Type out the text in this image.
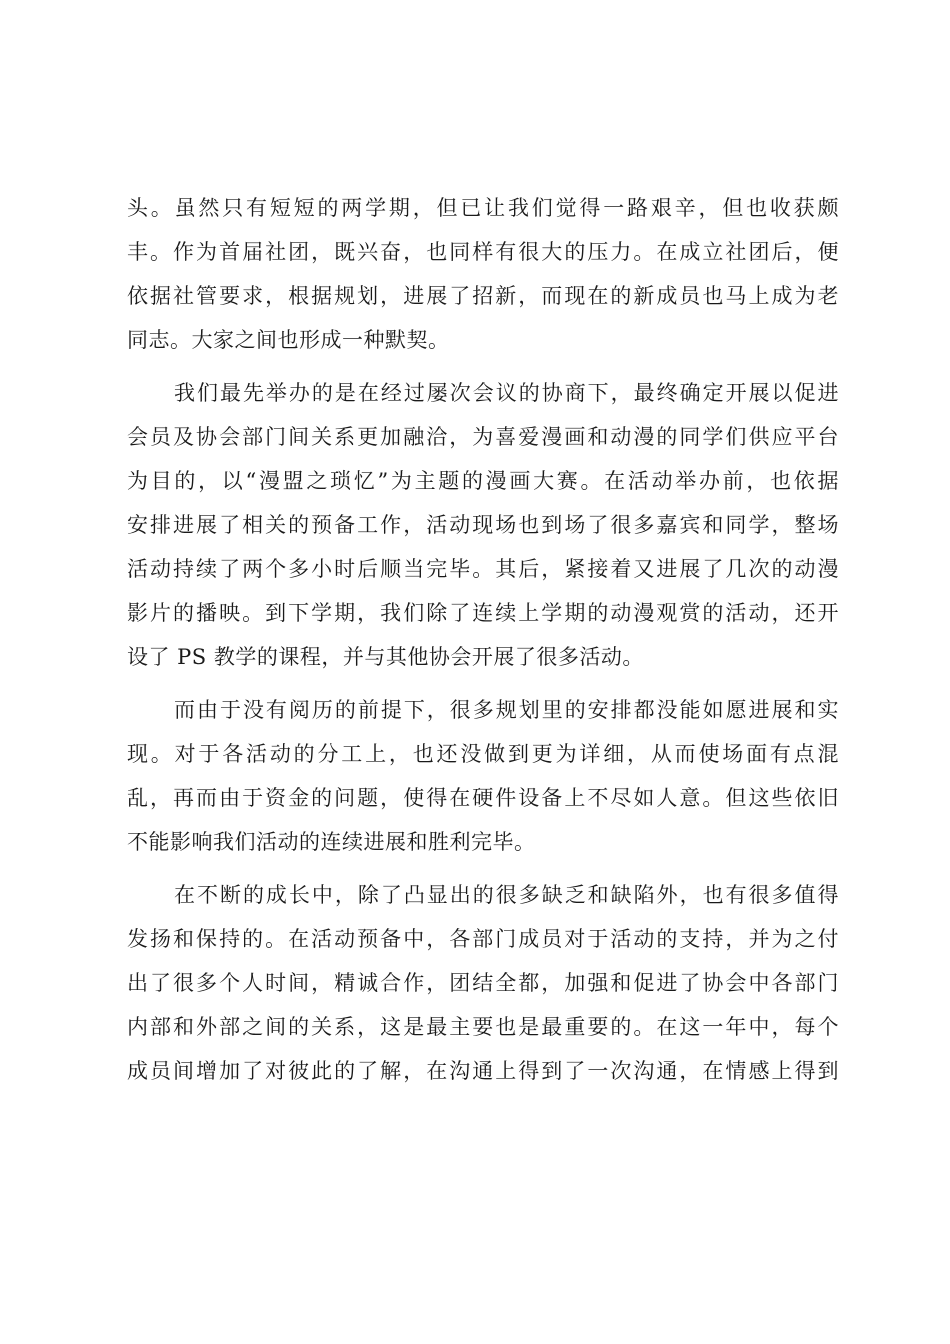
头。虽然只有短短的两学期，但已让我们觉得一路艰辛，但也收获颇
丰。作为首届社团，既兴奋，也同样有很大的压力。在成立社团后，便
依据社管要求，根据规划，进展了招新，而现在的新成员也马上成为老
同志。大家之间也形成一种默契。
我们最先举办的是在经过屡次会议的协商下，最终确定开展以促进
会员及协会部门间关系更加融洽，为喜爱漫画和动漫的同学们供应平台
为目的，以“漫盟之琐忆”为主题的漫画大赛。在活动举办前，也依据
安排进展了相关的预备工作，活动现场也到场了很多嘉宾和同学，整场
活动持续了两个多小时后顺当完毕。其后，紧接着又进展了几次的动漫
影片的播映。到下学期，我们除了连续上学期的动漫观赏的活动，还开
设了 PS 教学的课程，并与其他协会开展了很多活动。
而由于没有阅历的前提下，很多规划里的安排都没能如愿进展和实
现。对于各活动的分工上，也还没做到更为详细，从而使场面有点混
乱，再而由于资金的问题，使得在硬件设备上不尽如人意。但这些依旧
不能影响我们活动的连续进展和胜利完毕。
在不断的成长中，除了凸显出的很多缺乏和缺陷外，也有很多值得
发扬和保持的。在活动预备中，各部门成员对于活动的支持，并为之付
出了很多个人时间，精诚合作，团结全都，加强和促进了协会中各部门
内部和外部之间的关系，这是最主要也是最重要的。在这一年中，每个
成员间增加了对彼此的了解，在沟通上得到了一次沟通，在情感上得到
